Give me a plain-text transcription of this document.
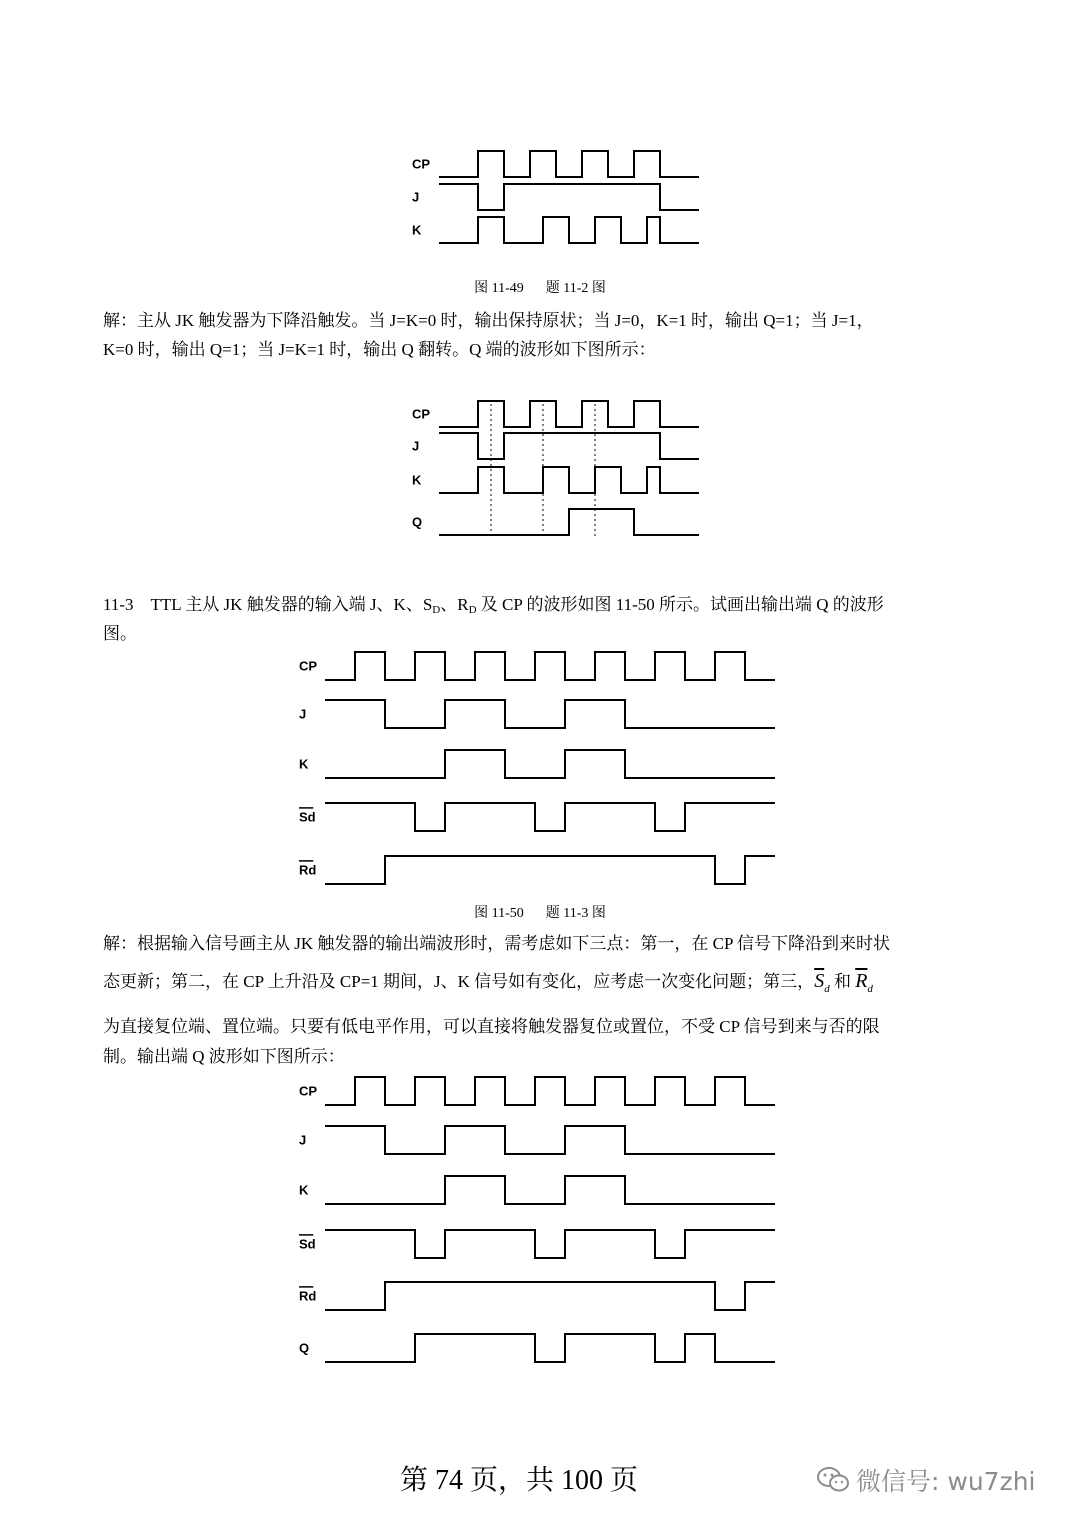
CP
J
K
图 11-49 题 11-2 图
解：主从 JK 触发器为下降沿触发。当 J=K=0 时，输出保持原状；当 J=0，K=1 时，输出 Q=1；当 J=1，
K=0 时，输出 Q=1；当 J=K=1 时，输出 Q 翻转。Q 端的波形如下图所示：
CP
J
K
Q
11-3　TTL 主从 JK 触发器的输入端 J、K、$S_D$、$R_D$ 及 CP 的波形如图 11-50 所示。试画出输出端 Q 的波形
图。
CP
J
K
Sd
Rd
图 11-50 题 11-3 图
解：根据输入信号画主从 JK 触发器的输出端波形时，需考虑如下三点：第一，在 CP 信号下降沿到来时状
态更新；第二，在 CP 上升沿及 CP=1 期间，J、K 信号如有变化，应考虑一次变化问题；第三，$\overline{S}_d$ 和 $\overline{R}_d$
为直接复位端、置位端。只要有低电平作用，可以直接将触发器复位或置位，不受 CP 信号到来与否的限
制。输出端 Q 波形如下图所示：
CP
J
K
Sd
Rd
Q
第 74 页，共 100 页	微信号: wu7zhi
